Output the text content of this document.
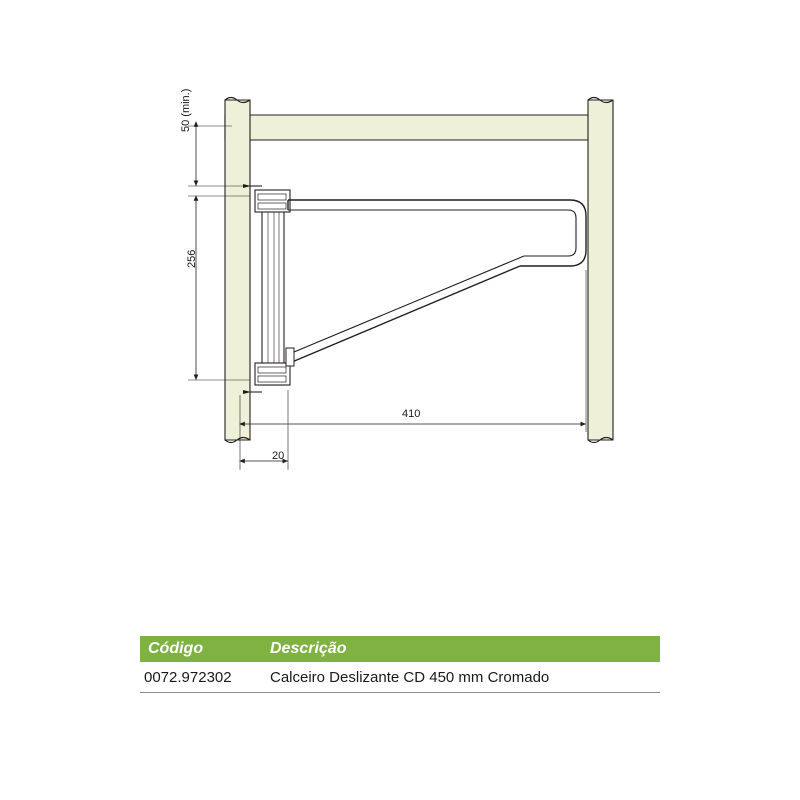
50 (min.)
256
410
20
Código	Descrição
0072.972302	Calceiro Deslizante CD 450 mm Cromado
